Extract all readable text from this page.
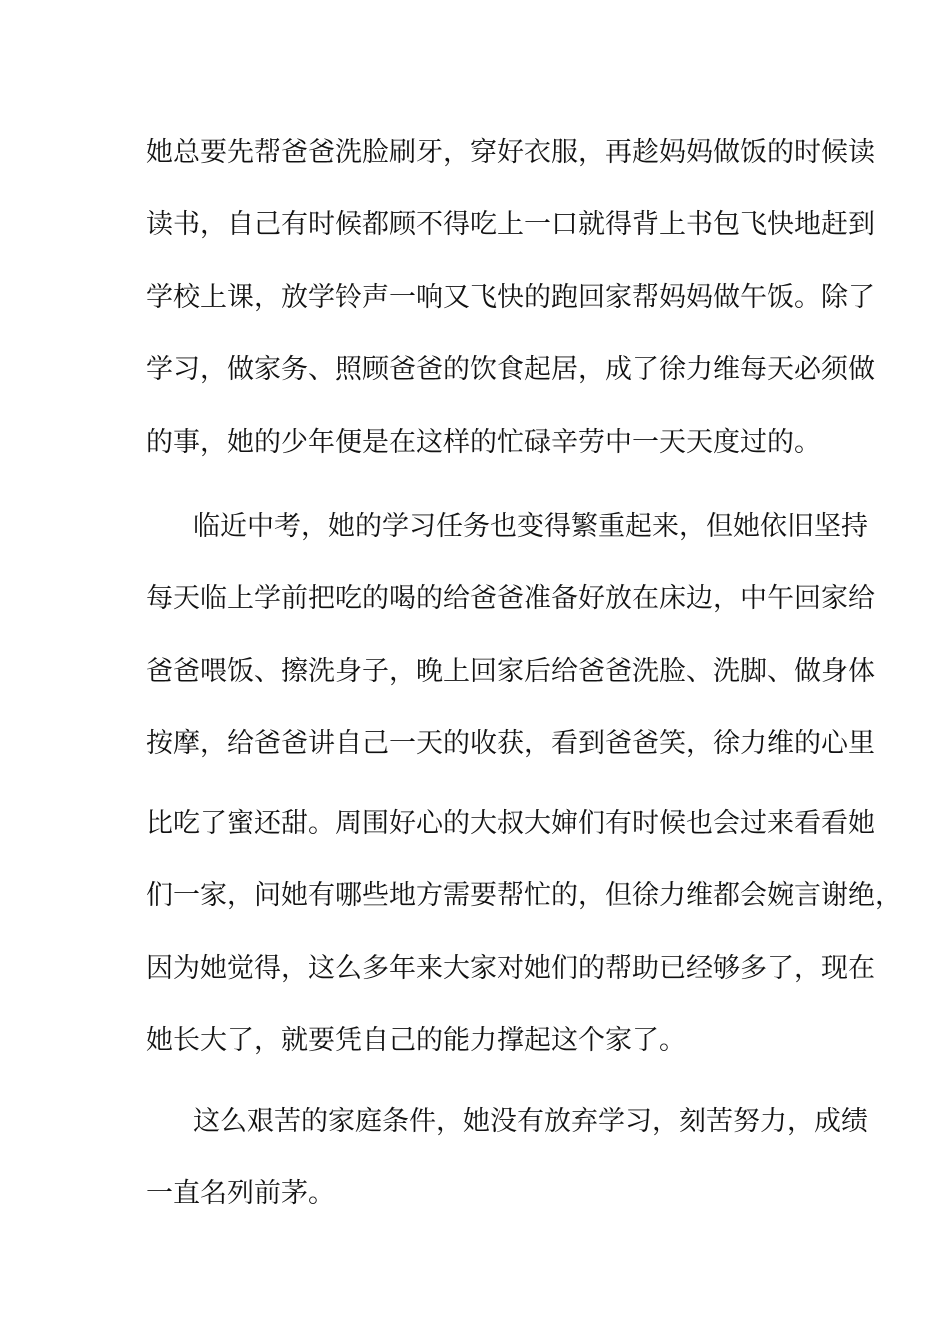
她总要先帮爸爸洗脸刷牙，穿好衣服，再趁妈妈做饭的时候读
读书，自己有时候都顾不得吃上一口就得背上书包飞快地赶到
学校上课，放学铃声一响又飞快的跑回家帮妈妈做午饭。除了
学习，做家务、照顾爸爸的饮食起居，成了徐力维每天必须做
的事，她的少年便是在这样的忙碌辛劳中一天天度过的。
临近中考，她的学习任务也变得繁重起来，但她依旧坚持
每天临上学前把吃的喝的给爸爸准备好放在床边，中午回家给
爸爸喂饭、擦洗身子，晚上回家后给爸爸洗脸、洗脚、做身体
按摩，给爸爸讲自己一天的收获，看到爸爸笑，徐力维的心里
比吃了蜜还甜。周围好心的大叔大婶们有时候也会过来看看她
们一家，问她有哪些地方需要帮忙的，但徐力维都会婉言谢绝，
因为她觉得，这么多年来大家对她们的帮助已经够多了，现在
她长大了，就要凭自己的能力撑起这个家了。
这么艰苦的家庭条件，她没有放弃学习，刻苦努力，成绩
一直名列前茅。
